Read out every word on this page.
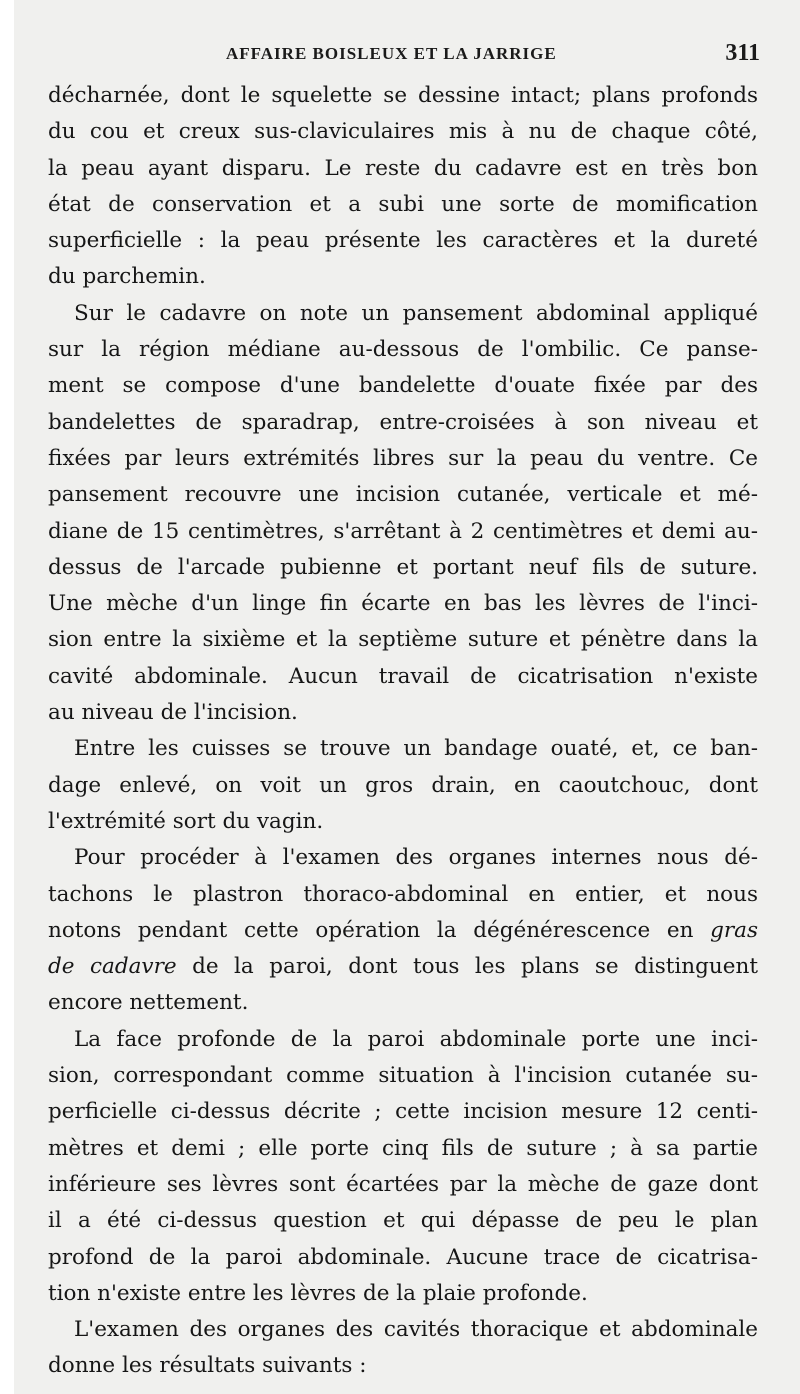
AFFAIRE BOISLEUX ET LA JARRIGE	311
décharnée, dont le squelette se dessine intact; plans profonds
du cou et creux sus-claviculaires mis à nu de chaque côté,
la peau ayant disparu. Le reste du cadavre est en très bon
état de conservation et a subi une sorte de momification
superficielle : la peau présente les caractères et la dureté
du parchemin.
Sur le cadavre on note un pansement abdominal appliqué
sur la région médiane au-dessous de l'ombilic. Ce panse-
ment se compose d'une bandelette d'ouate fixée par des
bandelettes de sparadrap, entre-croisées à son niveau et
fixées par leurs extrémités libres sur la peau du ventre. Ce
pansement recouvre une incision cutanée, verticale et mé-
diane de 15 centimètres, s'arrêtant à 2 centimètres et demi au-
dessus de l'arcade pubienne et portant neuf fils de suture.
Une mèche d'un linge fin écarte en bas les lèvres de l'inci-
sion entre la sixième et la septième suture et pénètre dans la
cavité abdominale. Aucun travail de cicatrisation n'existe
au niveau de l'incision.
Entre les cuisses se trouve un bandage ouaté, et, ce ban-
dage enlevé, on voit un gros drain, en caoutchouc, dont
l'extrémité sort du vagin.
Pour procéder à l'examen des organes internes nous dé-
tachons le plastron thoraco-abdominal en entier, et nous
notons pendant cette opération la dégénérescence en gras
de cadavre de la paroi, dont tous les plans se distinguent
encore nettement.
La face profonde de la paroi abdominale porte une inci-
sion, correspondant comme situation à l'incision cutanée su-
perficielle ci-dessus décrite ; cette incision mesure 12 centi-
mètres et demi ; elle porte cinq fils de suture ; à sa partie
inférieure ses lèvres sont écartées par la mèche de gaze dont
il a été ci-dessus question et qui dépasse de peu le plan
profond de la paroi abdominale. Aucune trace de cicatrisa-
tion n'existe entre les lèvres de la plaie profonde.
L'examen des organes des cavités thoracique et abdominale
donne les résultats suivants :
